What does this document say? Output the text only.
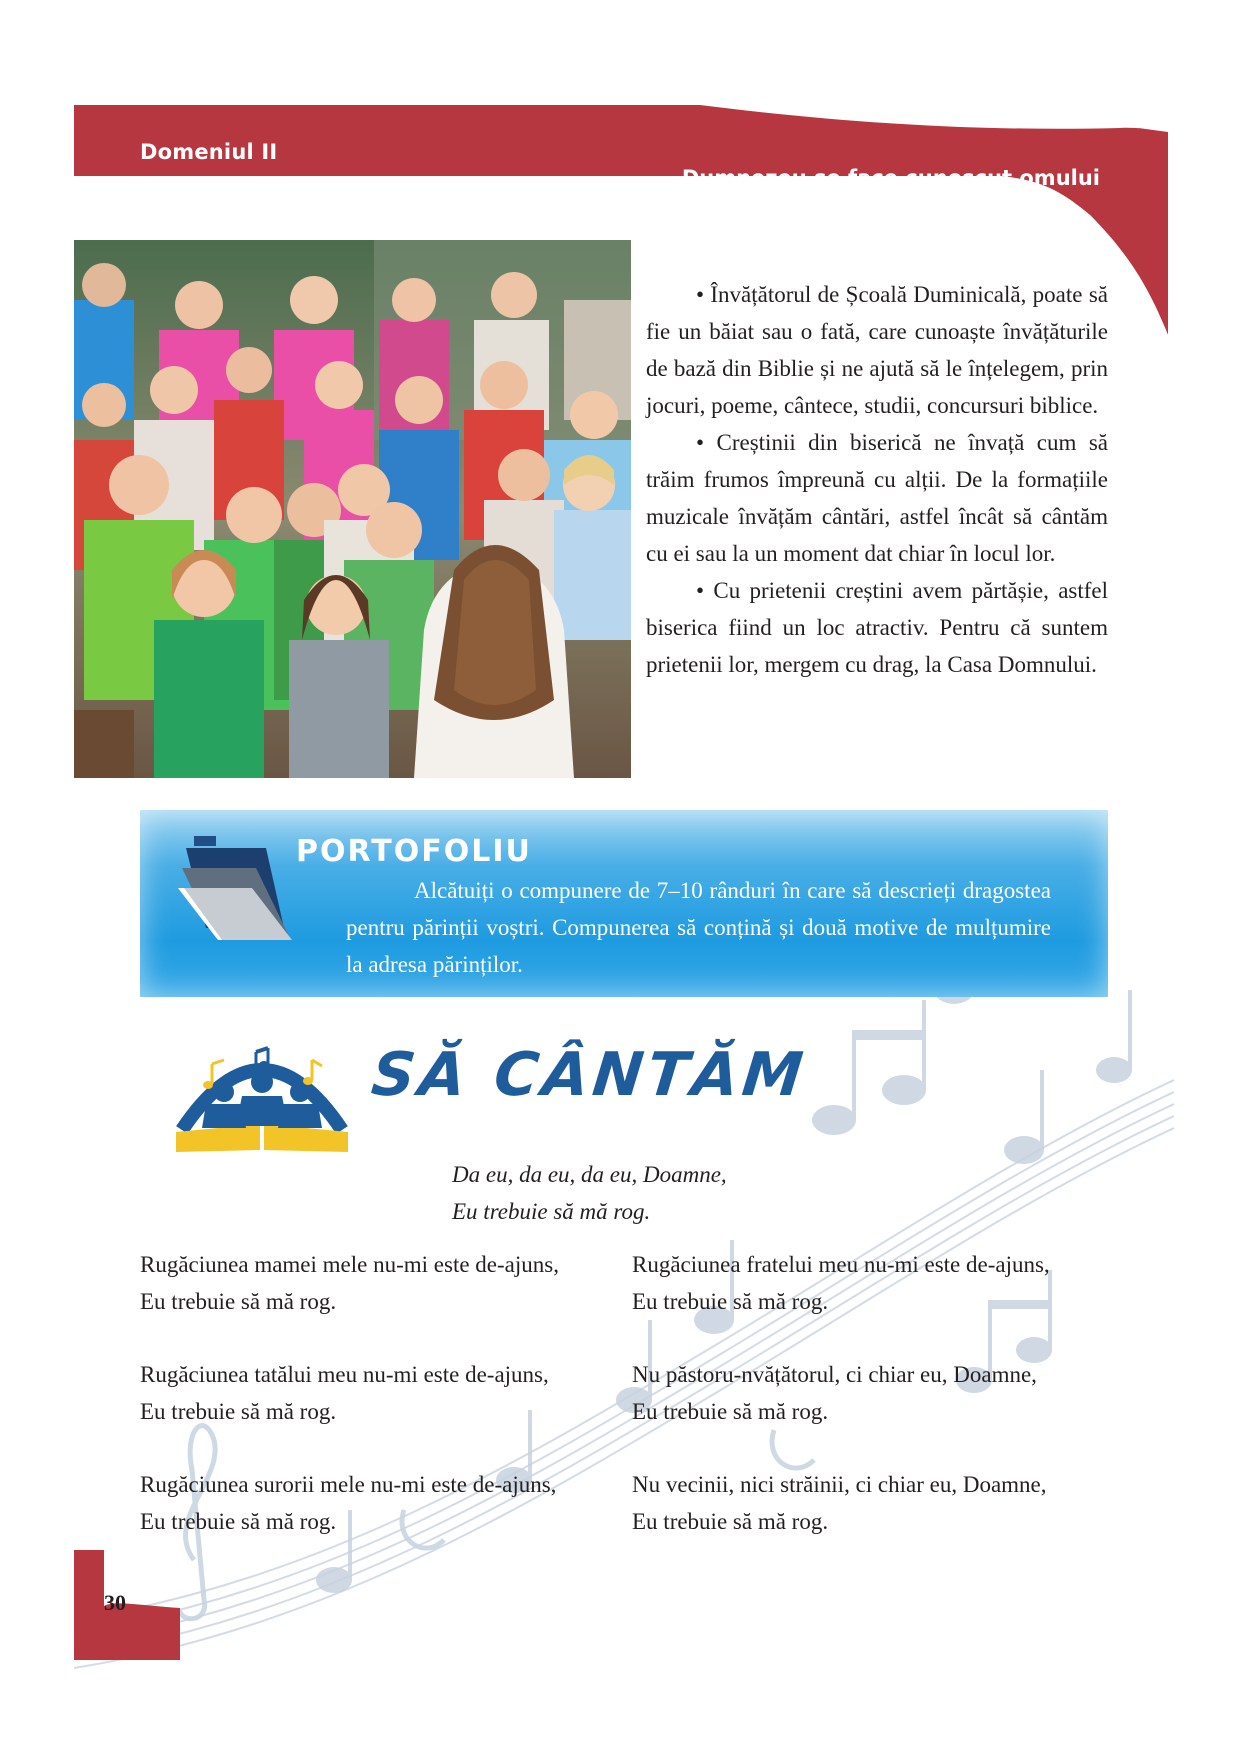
Domeniul II
Dumnezeu se face cunoscut omului

• Învățătorul de Școală Duminicală, poate să fie un băiat sau o fată, care cunoaște învățăturile de bază din Biblie și ne ajută să le înțelegem, prin jocuri, poeme, cântece, studii, concursuri biblice.

• Creștinii din biserică ne învață cum să trăim frumos împreună cu alții. De la formațiile muzicale învățăm cântări, astfel încât să cântăm cu ei sau la un moment dat chiar în locul lor.

• Cu prietenii creștini avem părtășie, astfel biserica fiind un loc atractiv. Pentru că suntem prietenii lor, mergem cu drag, la Casa Domnului.

PORTOFOLIU

Alcătuiți o compunere de 7–10 rânduri în care să descrieți dragostea pentru părinții voștri. Compunerea să conțină și două motive de mulțumire la adresa părinților.

SĂ CÂNTĂM
Da eu, da eu, da eu, Doamne,
Eu trebuie să mă rog.
Rugăciunea mamei mele nu-mi este de-ajuns,
Eu trebuie să mă rog.
Rugăciunea tatălui meu nu-mi este de-ajuns,
Eu trebuie să mă rog.
Rugăciunea surorii mele nu-mi este de-ajuns,
Eu trebuie să mă rog.
Rugăciunea fratelui meu nu-mi este de-ajuns,
Eu trebuie să mă rog.
Nu păstoru-nvățătorul, ci chiar eu, Doamne,
Eu trebuie să mă rog.
Nu vecinii, nici străinii, ci chiar eu, Doamne,
Eu trebuie să mă rog.
30
